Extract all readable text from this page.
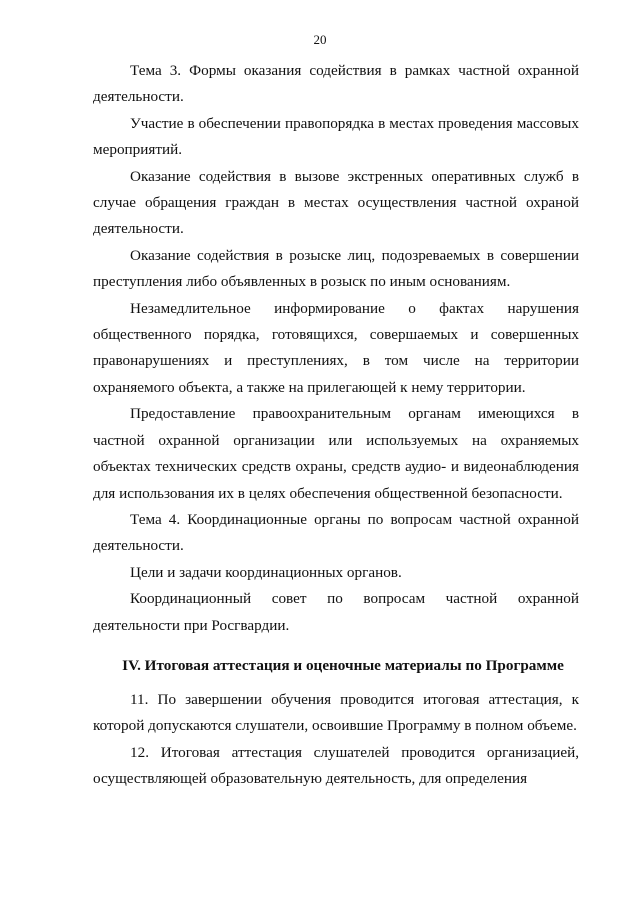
20

Тема 3. Формы оказания содействия в рамках частной охранной деятельности.

Участие в обеспечении правопорядка в местах проведения массовых мероприятий.

Оказание содействия в вызове экстренных оперативных служб в случае обращения граждан в местах осуществления частной охраной деятельности.

Оказание содействия в розыске лиц, подозреваемых в совершении преступления либо объявленных в розыск по иным основаниям.

Незамедлительное информирование о фактах нарушения общественного порядка, готовящихся, совершаемых и совершенных правонарушениях и преступлениях, в том числе на территории охраняемого объекта, а также на прилегающей к нему территории.

Предоставление правоохранительным органам имеющихся в частной охранной организации или используемых на охраняемых объектах технических средств охраны, средств аудио- и видеонаблюдения для использования их в целях обеспечения общественной безопасности.

Тема 4. Координационные органы по вопросам частной охранной деятельности.

Цели и задачи координационных органов.

Координационный совет по вопросам частной охранной деятельности при Росгвардии.

IV. Итоговая аттестация и оценочные материалы по Программе

11. По завершении обучения проводится итоговая аттестация, к которой допускаются слушатели, освоившие Программу в полном объеме.

12. Итоговая аттестация слушателей проводится организацией, осуществляющей образовательную деятельность, для определения
